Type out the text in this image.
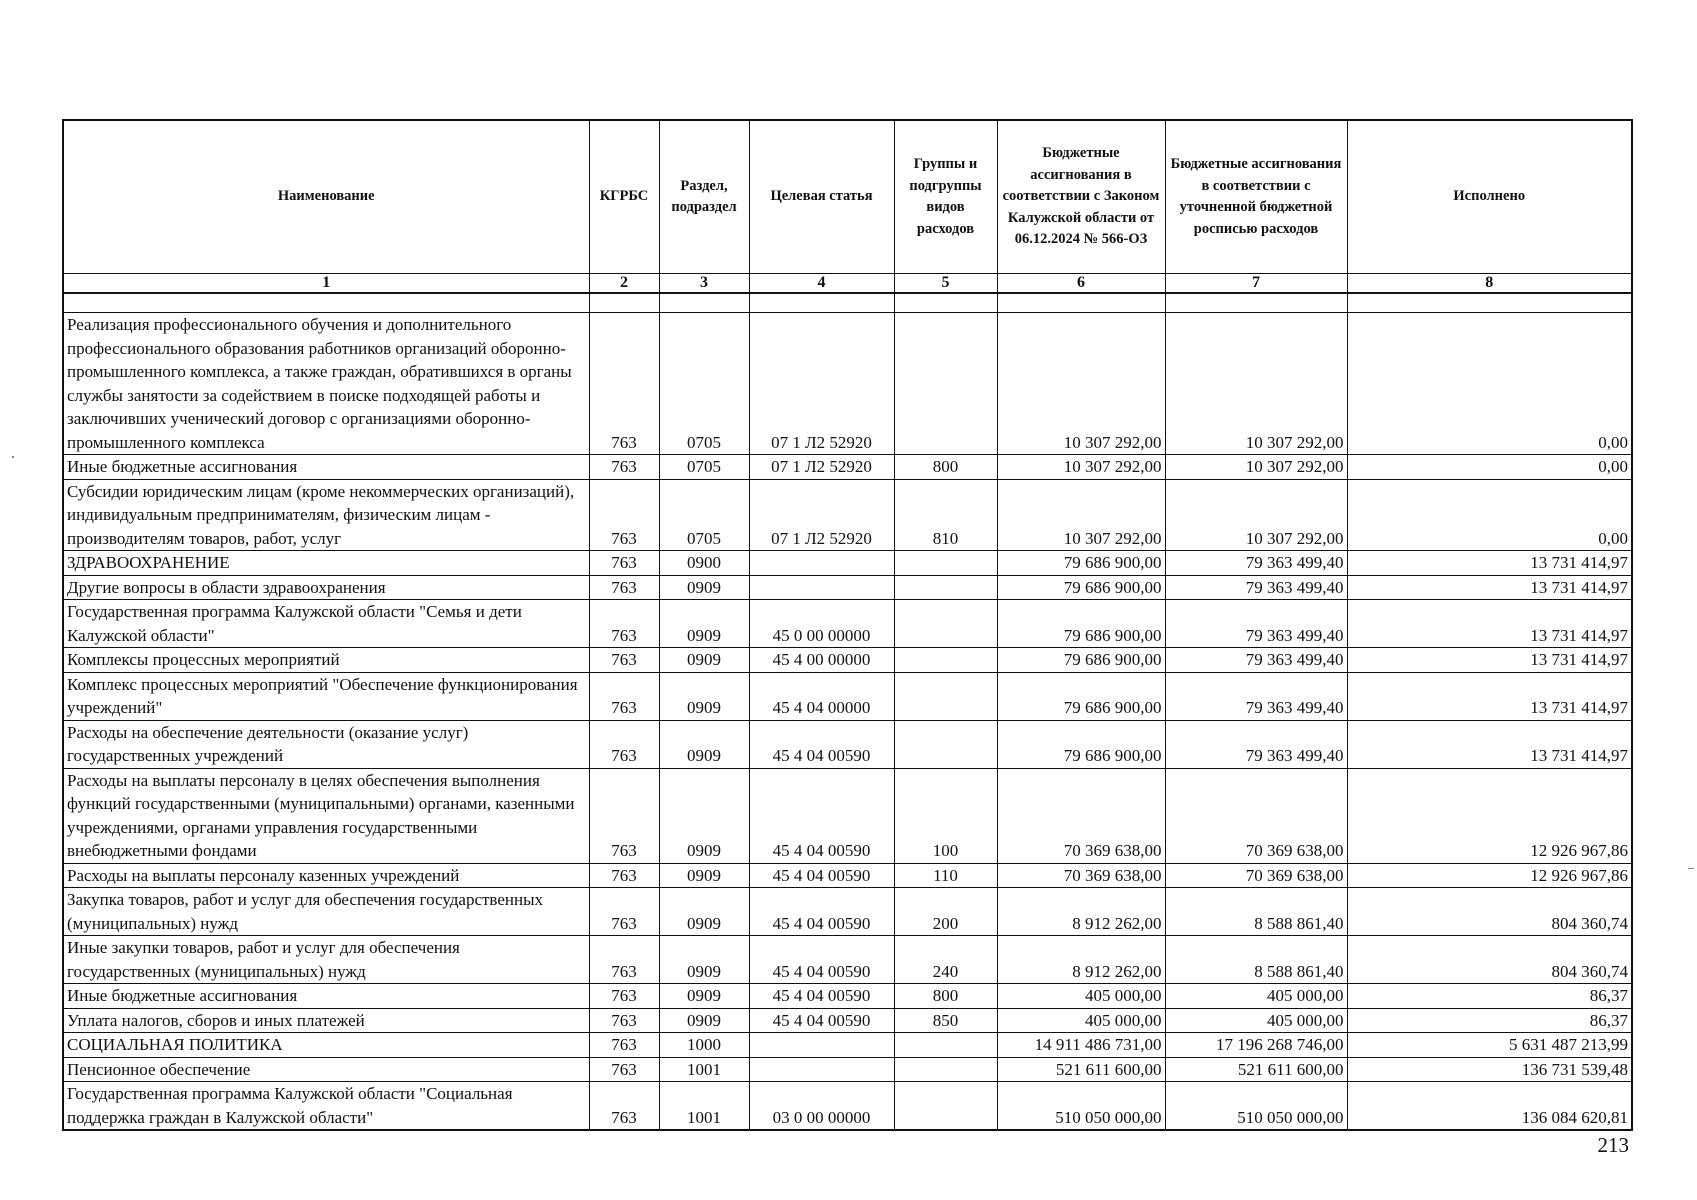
Наименование	КГРБС	Раздел, подраздел	Целевая статья	Группы и подгруппы видов расходов	Бюджетные ассигнования в соответствии с Законом Калужской области от 06.12.2024 № 566-ОЗ	Бюджетные ассигнования в соответствии с уточненной бюджетной росписью расходов	Исполнено
1	2	3	4	5	6	7	8

Реализация профессионального обучения и дополнительного профессионального образования работников организаций оборонно-промышленного комплекса, а также граждан, обратившихся в органы службы занятости за содействием в поиске подходящей работы и заключивших ученический договор с организациями оборонно-промышленного комплекса	763	0705	07 1 Л2 52920		10 307 292,00	10 307 292,00	0,00
Иные бюджетные ассигнования	763	0705	07 1 Л2 52920	800	10 307 292,00	10 307 292,00	0,00
Субсидии юридическим лицам (кроме некоммерческих организаций), индивидуальным предпринимателям, физическим лицам - производителям товаров, работ, услуг	763	0705	07 1 Л2 52920	810	10 307 292,00	10 307 292,00	0,00
ЗДРАВООХРАНЕНИЕ	763	0900			79 686 900,00	79 363 499,40	13 731 414,97
Другие вопросы в области здравоохранения	763	0909			79 686 900,00	79 363 499,40	13 731 414,97
Государственная программа Калужской области "Семья и дети Калужской области"	763	0909	45 0 00 00000		79 686 900,00	79 363 499,40	13 731 414,97
Комплексы процессных мероприятий	763	0909	45 4 00 00000		79 686 900,00	79 363 499,40	13 731 414,97
Комплекс процессных мероприятий "Обеспечение функционирования учреждений"	763	0909	45 4 04 00000		79 686 900,00	79 363 499,40	13 731 414,97
Расходы на обеспечение деятельности (оказание услуг) государственных учреждений	763	0909	45 4 04 00590		79 686 900,00	79 363 499,40	13 731 414,97
Расходы на выплаты персоналу в целях обеспечения выполнения функций государственными (муниципальными) органами, казенными учреждениями, органами управления государственными внебюджетными фондами	763	0909	45 4 04 00590	100	70 369 638,00	70 369 638,00	12 926 967,86
Расходы на выплаты персоналу казенных учреждений	763	0909	45 4 04 00590	110	70 369 638,00	70 369 638,00	12 926 967,86
Закупка товаров, работ и услуг для обеспечения государственных (муниципальных) нужд	763	0909	45 4 04 00590	200	8 912 262,00	8 588 861,40	804 360,74
Иные закупки товаров, работ и услуг для обеспечения государственных (муниципальных) нужд	763	0909	45 4 04 00590	240	8 912 262,00	8 588 861,40	804 360,74
Иные бюджетные ассигнования	763	0909	45 4 04 00590	800	405 000,00	405 000,00	86,37
Уплата налогов, сборов и иных платежей	763	0909	45 4 04 00590	850	405 000,00	405 000,00	86,37
СОЦИАЛЬНАЯ ПОЛИТИКА	763	1000			14 911 486 731,00	17 196 268 746,00	5 631 487 213,99
Пенсионное обеспечение	763	1001			521 611 600,00	521 611 600,00	136 731 539,48
Государственная программа Калужской области "Социальная поддержка граждан в Калужской области"	763	1001	03 0 00 00000		510 050 000,00	510 050 000,00	136 084 620,81
213
